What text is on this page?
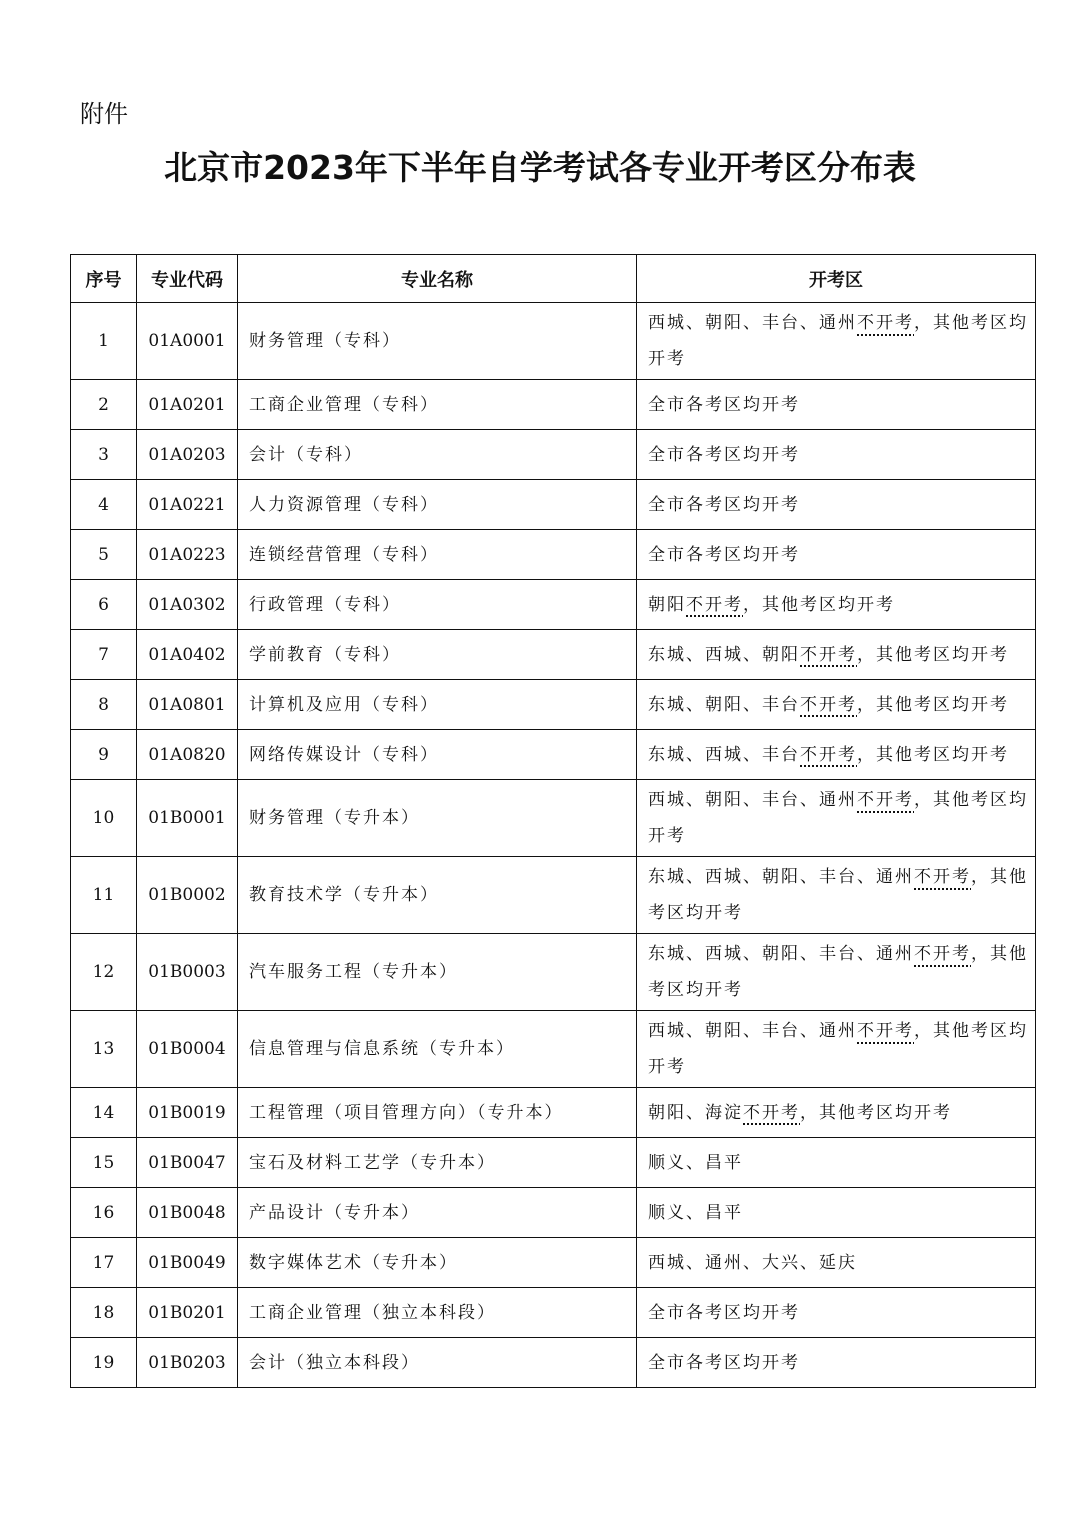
附件
北京市2023年下半年自学考试各专业开考区分布表
序号	专业代码	专业名称	开考区
1	01A0001	财务管理（专科）	西城、朝阳、丰台、通州不开考，其他考区均开考
2	01A0201	工商企业管理（专科）	全市各考区均开考
3	01A0203	会计（专科）	全市各考区均开考
4	01A0221	人力资源管理（专科）	全市各考区均开考
5	01A0223	连锁经营管理（专科）	全市各考区均开考
6	01A0302	行政管理（专科）	朝阳不开考，其他考区均开考
7	01A0402	学前教育（专科）	东城、西城、朝阳不开考，其他考区均开考
8	01A0801	计算机及应用（专科）	东城、朝阳、丰台不开考，其他考区均开考
9	01A0820	网络传媒设计（专科）	东城、西城、丰台不开考，其他考区均开考
10	01B0001	财务管理（专升本）	西城、朝阳、丰台、通州不开考，其他考区均开考
11	01B0002	教育技术学（专升本）	东城、西城、朝阳、丰台、通州不开考，其他考区均开考
12	01B0003	汽车服务工程（专升本）	东城、西城、朝阳、丰台、通州不开考，其他考区均开考
13	01B0004	信息管理与信息系统（专升本）	西城、朝阳、丰台、通州不开考，其他考区均开考
14	01B0019	工程管理（项目管理方向）（专升本）	朝阳、海淀不开考，其他考区均开考
15	01B0047	宝石及材料工艺学（专升本）	顺义、昌平
16	01B0048	产品设计（专升本）	顺义、昌平
17	01B0049	数字媒体艺术（专升本）	西城、通州、大兴、延庆
18	01B0201	工商企业管理（独立本科段）	全市各考区均开考
19	01B0203	会计（独立本科段）	全市各考区均开考
